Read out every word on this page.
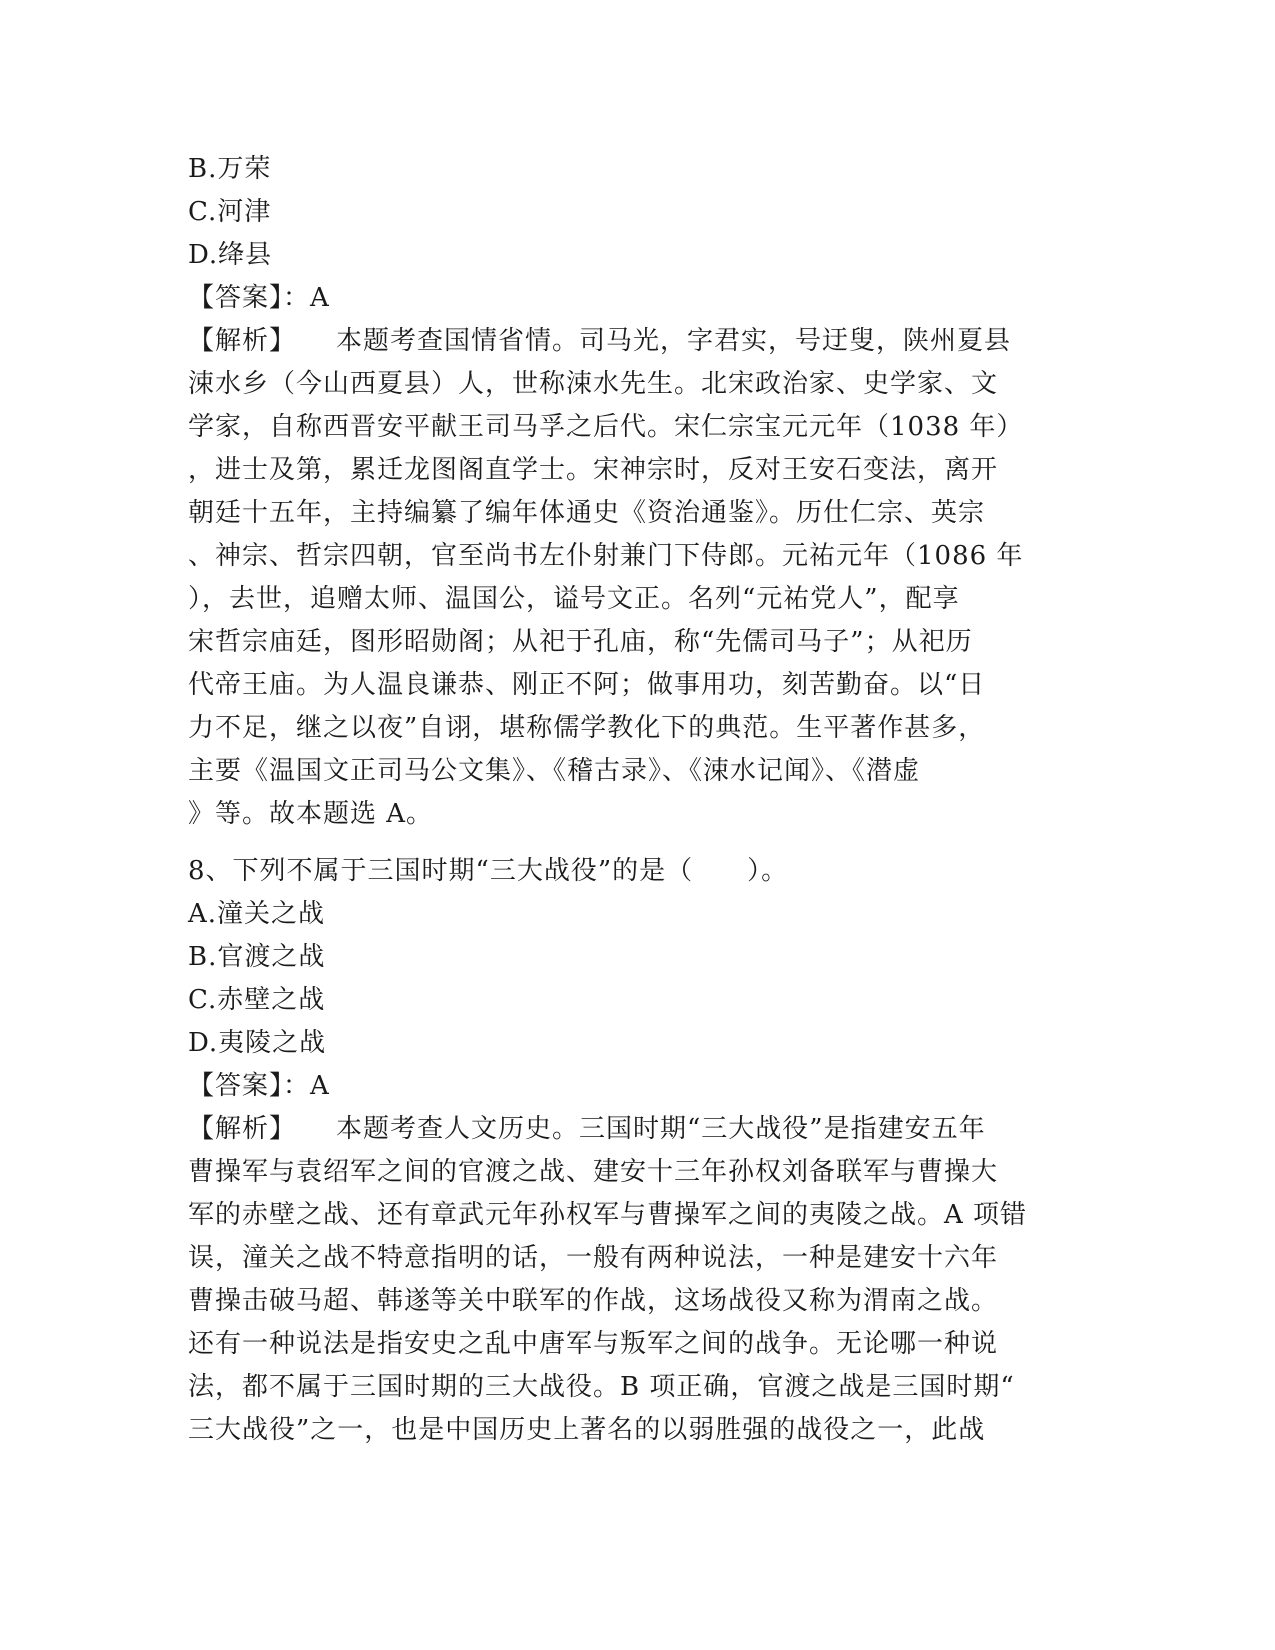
B.万荣
C.河津
D.绛县
【答案】：A
【解析】 本题考查国情省情。司马光，字君实，号迂叟，陕州夏县
涑水乡（今山西夏县）人，世称涑水先生。北宋政治家、史学家、文
学家，自称西晋安平献王司马孚之后代。宋仁宗宝元元年（1038 年）
，进士及第，累迁龙图阁直学士。宋神宗时，反对王安石变法，离开
朝廷十五年，主持编纂了编年体通史《资治通鉴》。历仕仁宗、英宗
、神宗、哲宗四朝，官至尚书左仆射兼门下侍郎。元祐元年（1086 年
），去世，追赠太师、温国公，谥号文正。名列“元祐党人”，配享
宋哲宗庙廷，图形昭勋阁；从祀于孔庙，称“先儒司马子”；从祀历
代帝王庙。为人温良谦恭、刚正不阿；做事用功，刻苦勤奋。以“日
力不足，继之以夜”自诩，堪称儒学教化下的典范。生平著作甚多，
主要《温国文正司马公文集》、《稽古录》、《涑水记闻》、《潜虚
》等。故本题选 A。
8、下列不属于三国时期“三大战役”的是（　　）。
A.潼关之战
B.官渡之战
C.赤壁之战
D.夷陵之战
【答案】：A
【解析】 本题考查人文历史。三国时期“三大战役”是指建安五年
曹操军与袁绍军之间的官渡之战、建安十三年孙权刘备联军与曹操大
军的赤壁之战、还有章武元年孙权军与曹操军之间的夷陵之战。A 项错
误，潼关之战不特意指明的话，一般有两种说法，一种是建安十六年
曹操击破马超、韩遂等关中联军的作战，这场战役又称为渭南之战。
还有一种说法是指安史之乱中唐军与叛军之间的战争。无论哪一种说
法，都不属于三国时期的三大战役。B 项正确，官渡之战是三国时期“
三大战役”之一，也是中国历史上著名的以弱胜强的战役之一，此战
